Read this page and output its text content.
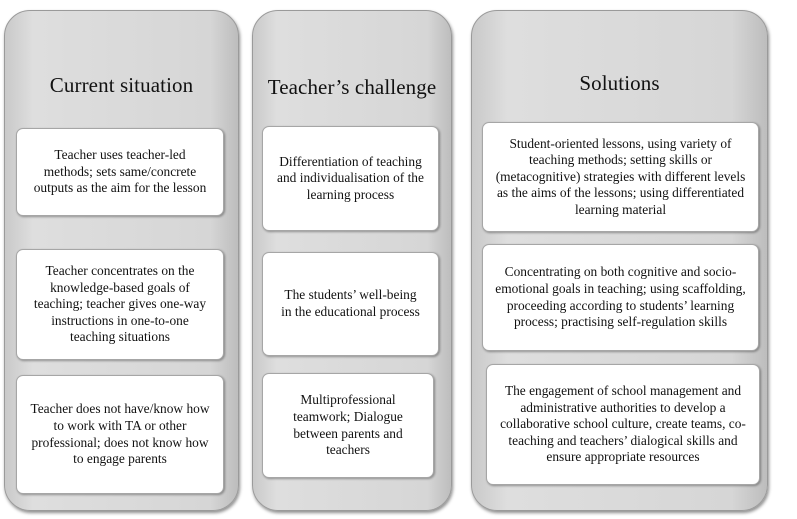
Current situation
Teacher uses teacher-led methods; sets same/concrete outputs as the aim for the lesson
Teacher concentrates on the knowledge-based goals of teaching; teacher gives one-way instructions in one-to-one teaching situations
Teacher does not have/know how to work with TA or other professional; does not know how to engage parents
Teacher’s challenge
Differentiation of teaching and individualisation of the learning process
The students’ well-being in the educational process
Multiprofessional teamwork; Dialogue between parents and teachers
Solutions
Student-oriented lessons, using variety of teaching methods; setting skills or (metacognitive) strategies with different levels as the aims of the lessons; using differentiated learning material
Concentrating on both cognitive and socio-emotional goals in teaching; using scaffolding, proceeding according to students’ learning process; practising self-regulation skills
The engagement of school management and administrative authorities to develop a collaborative school culture, create teams, co-teaching and teachers’ dialogical skills and ensure appropriate resources
